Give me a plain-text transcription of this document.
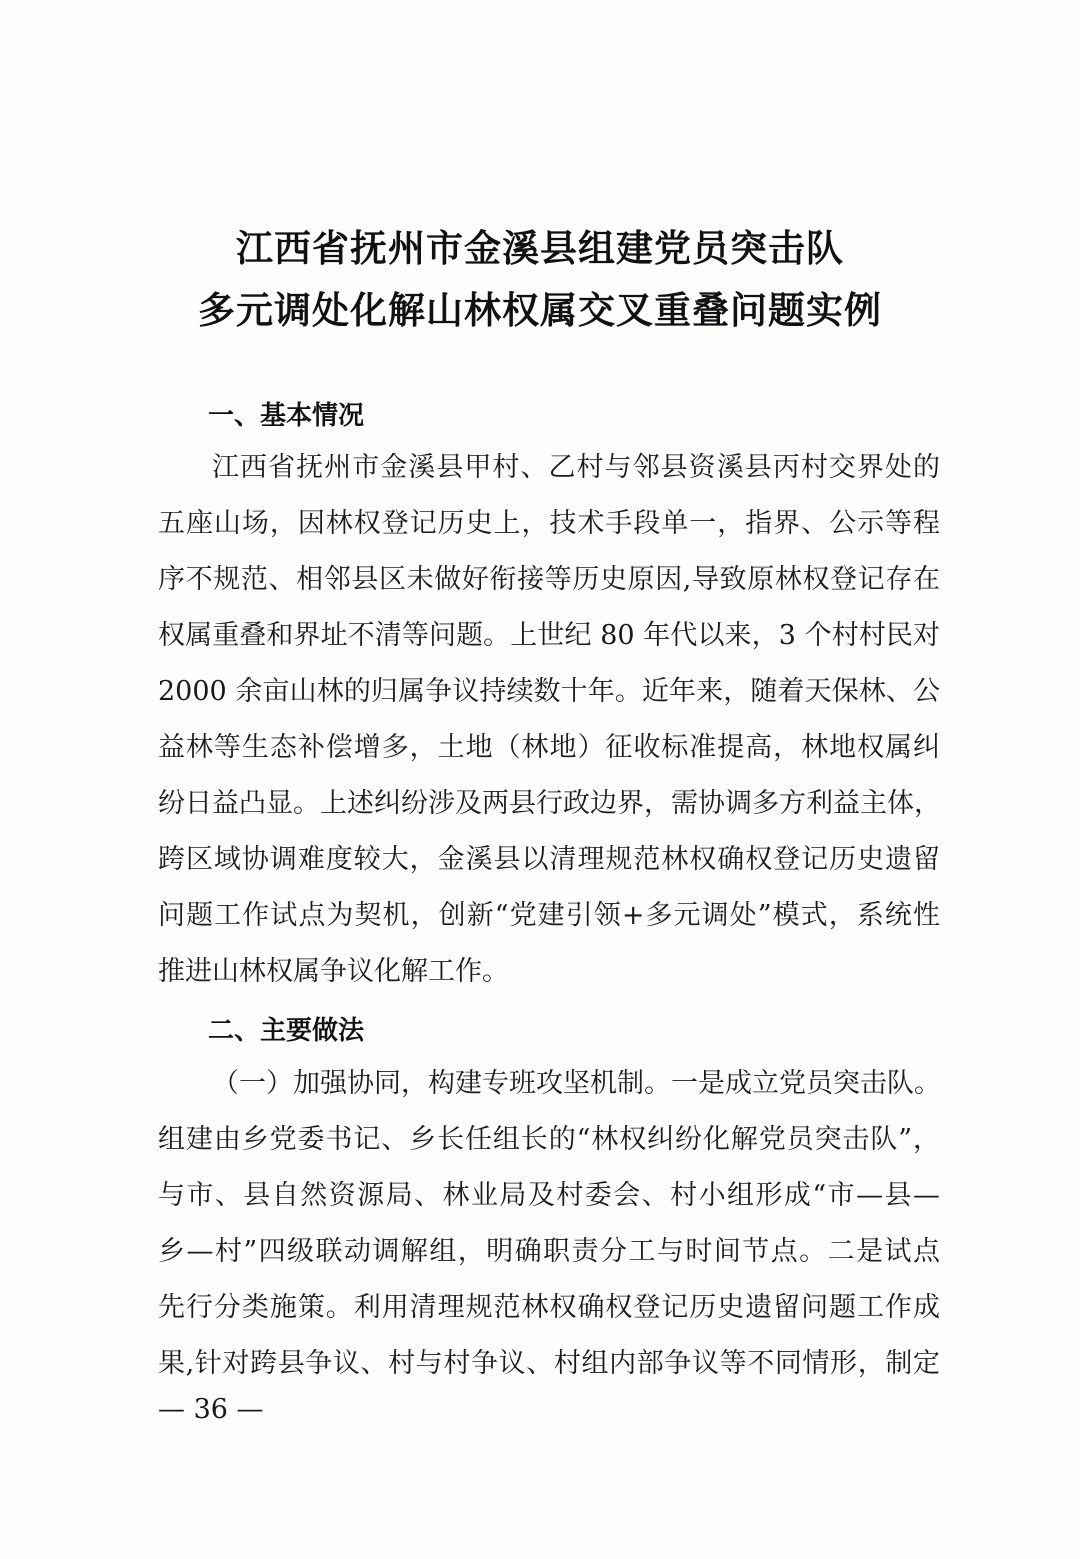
江西省抚州市金溪县组建党员突击队
多元调处化解山林权属交叉重叠问题实例
一、基本情况
江西省抚州市金溪县甲村、乙村与邻县资溪县丙村交界处的
五座山场，因林权登记历史上，技术手段单一，指界、公示等程
序不规范、相邻县区未做好衔接等历史原因,导致原林权登记存在
权属重叠和界址不清等问题。上世纪 80 年代以来，3 个村村民对
2000 余亩山林的归属争议持续数十年。近年来，随着天保林、公
益林等生态补偿增多，土地（林地）征收标准提高，林地权属纠
纷日益凸显。上述纠纷涉及两县行政边界，需协调多方利益主体，
跨区域协调难度较大，金溪县以清理规范林权确权登记历史遗留
问题工作试点为契机，创新“党建引领+多元调处”模式，系统性
推进山林权属争议化解工作。
二、主要做法
（一）加强协同，构建专班攻坚机制。一是成立党员突击队。
组建由乡党委书记、乡长任组长的“林权纠纷化解党员突击队”，
与市、县自然资源局、林业局及村委会、村小组形成“市—县—
乡—村”四级联动调解组，明确职责分工与时间节点。二是试点
先行分类施策。利用清理规范林权确权登记历史遗留问题工作成
果,针对跨县争议、村与村争议、村组内部争议等不同情形，制定
— 36 —
